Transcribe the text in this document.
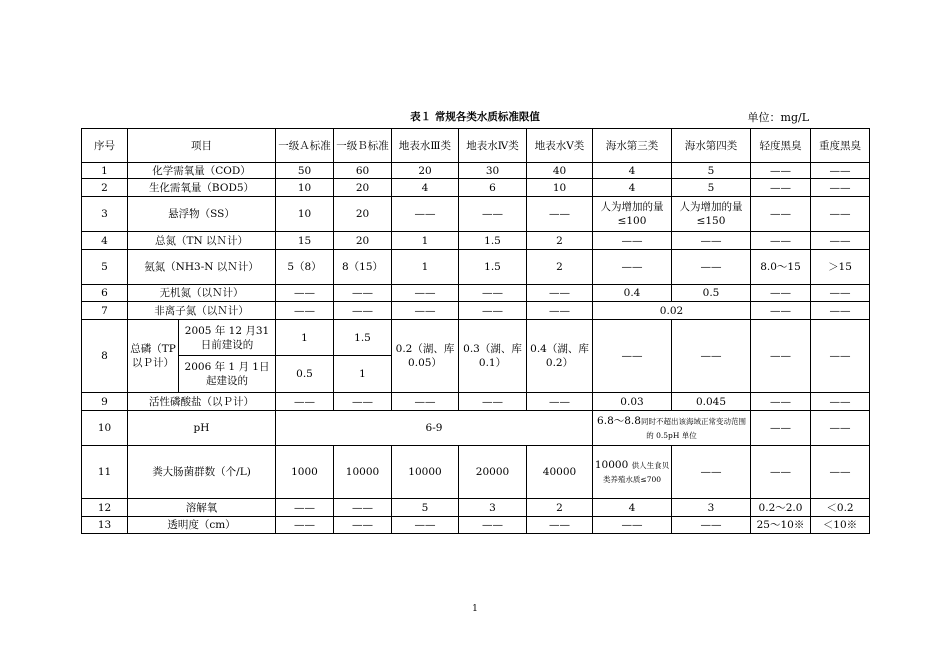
表１ 常规各类水质标准限值	单位：mg/L
序号	项目		一级Ａ标准	一级Ｂ标准	地表水Ⅲ类	地表水Ⅳ类	地表水Ⅴ类	海水第三类	海水第四类	轻度黑臭	重度黑臭
1	化学需氧量（COD）		50	60	20	30	40	4	5	——	——
2	生化需氧量（BOD5）		10	20	4	6	10	4	5	——	——
3	悬浮物（SS）		10	20	——	——	——	人为增加的量≤100	人为增加的量≤150	——	——
4	总氮（TN 以Ｎ计）		15	20	1	1.5	2	——	——	——	——
5	氨氮（NH3-N 以Ｎ计）		5（8）	8（15）	1	1.5	2	——	——	8.0～15	＞15
6	无机氮（以Ｎ计）		——	——	——	——	——	0.4	0.5	——	——
7	非离子氮（以Ｎ计）		——	——	——	——	——	0.02		——	——
8	总磷（TP 以Ｐ计）	2005 年 12 月31 日前建设的	1	1.5	0.2（湖、库0.05）	0.3（湖、库0.1）	0.4（湖、库0.2）	——	——	——	——
		2006 年 1 月 1日起建设的	0.5	1							
9	活性磷酸盐（以Ｐ计）		——	——	——	——	——	0.03	0.045	——	——
10	pH		6-9					6.8～8.8同时不超出该海域正常变动范围的 0.5pH 单位		——	——
11	粪大肠菌群数（个/L)		1000	10000	10000	20000	40000	10000 供人生食贝类养殖水质≤700	——	——	——
12	溶解氧		——	——	5	3	2	4	3	0.2～2.0	＜0.2
13	透明度（cm）		——	——	——	——	——	——	——	25～10※	＜10※
1
